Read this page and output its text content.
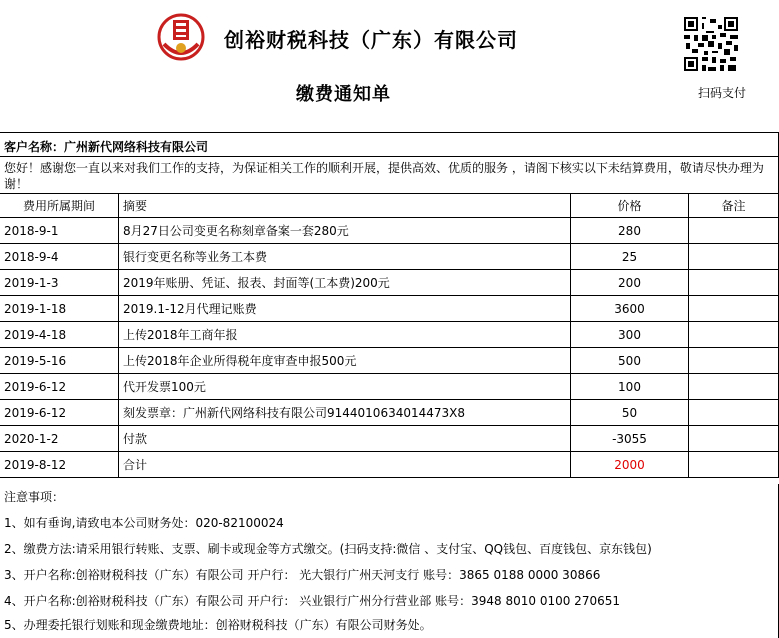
创裕财税科技（广东）有限公司
缴费通知单	扫码支付
客户名称：广州新代网络科技有限公司
您好！感谢您一直以来对我们工作的支持，为保证相关工作的顺利开展，提供高效、优质的服务 ，请阁下核实以下未结算费用，敬请尽快办理为谢！
费用所属期间	摘要	价格	备注
2018-9-1	8月27日公司变更名称刻章备案一套280元	280
2018-9-4	银行变更名称等业务工本费	25
2019-1-3	2019年账册、凭证、报表、封面等(工本费)200元	200
2019-1-18	2019.1-12月代理记账费	3600
2019-4-18	上传2018年工商年报	300
2019-5-16	上传2018年企业所得税年度审查申报500元	500
2019-6-12	代开发票100元	100
2019-6-12	刻发票章：广州新代网络科技有限公司9144010634014473X8	50
2020-1-2	付款	-3055
2019-8-12	合计	2000
注意事项：
1、如有垂询,请致电本公司财务处：020-82100024
2、缴费方法:请采用银行转账、支票、刷卡或现金等方式缴交。(扫码支持:微信 、支付宝、QQ钱包、百度钱包、京东钱包)
3、开户名称:创裕财税科技（广东）有限公司 开户行： 光大银行广州天河支行 账号：3865 0188 0000 30866
4、开户名称:创裕财税科技（广东）有限公司 开户行： 兴业银行广州分行营业部 账号：3948 8010 0100 270651
5、办理委托银行划账和现金缴费地址：创裕财税科技（广东）有限公司财务处。
